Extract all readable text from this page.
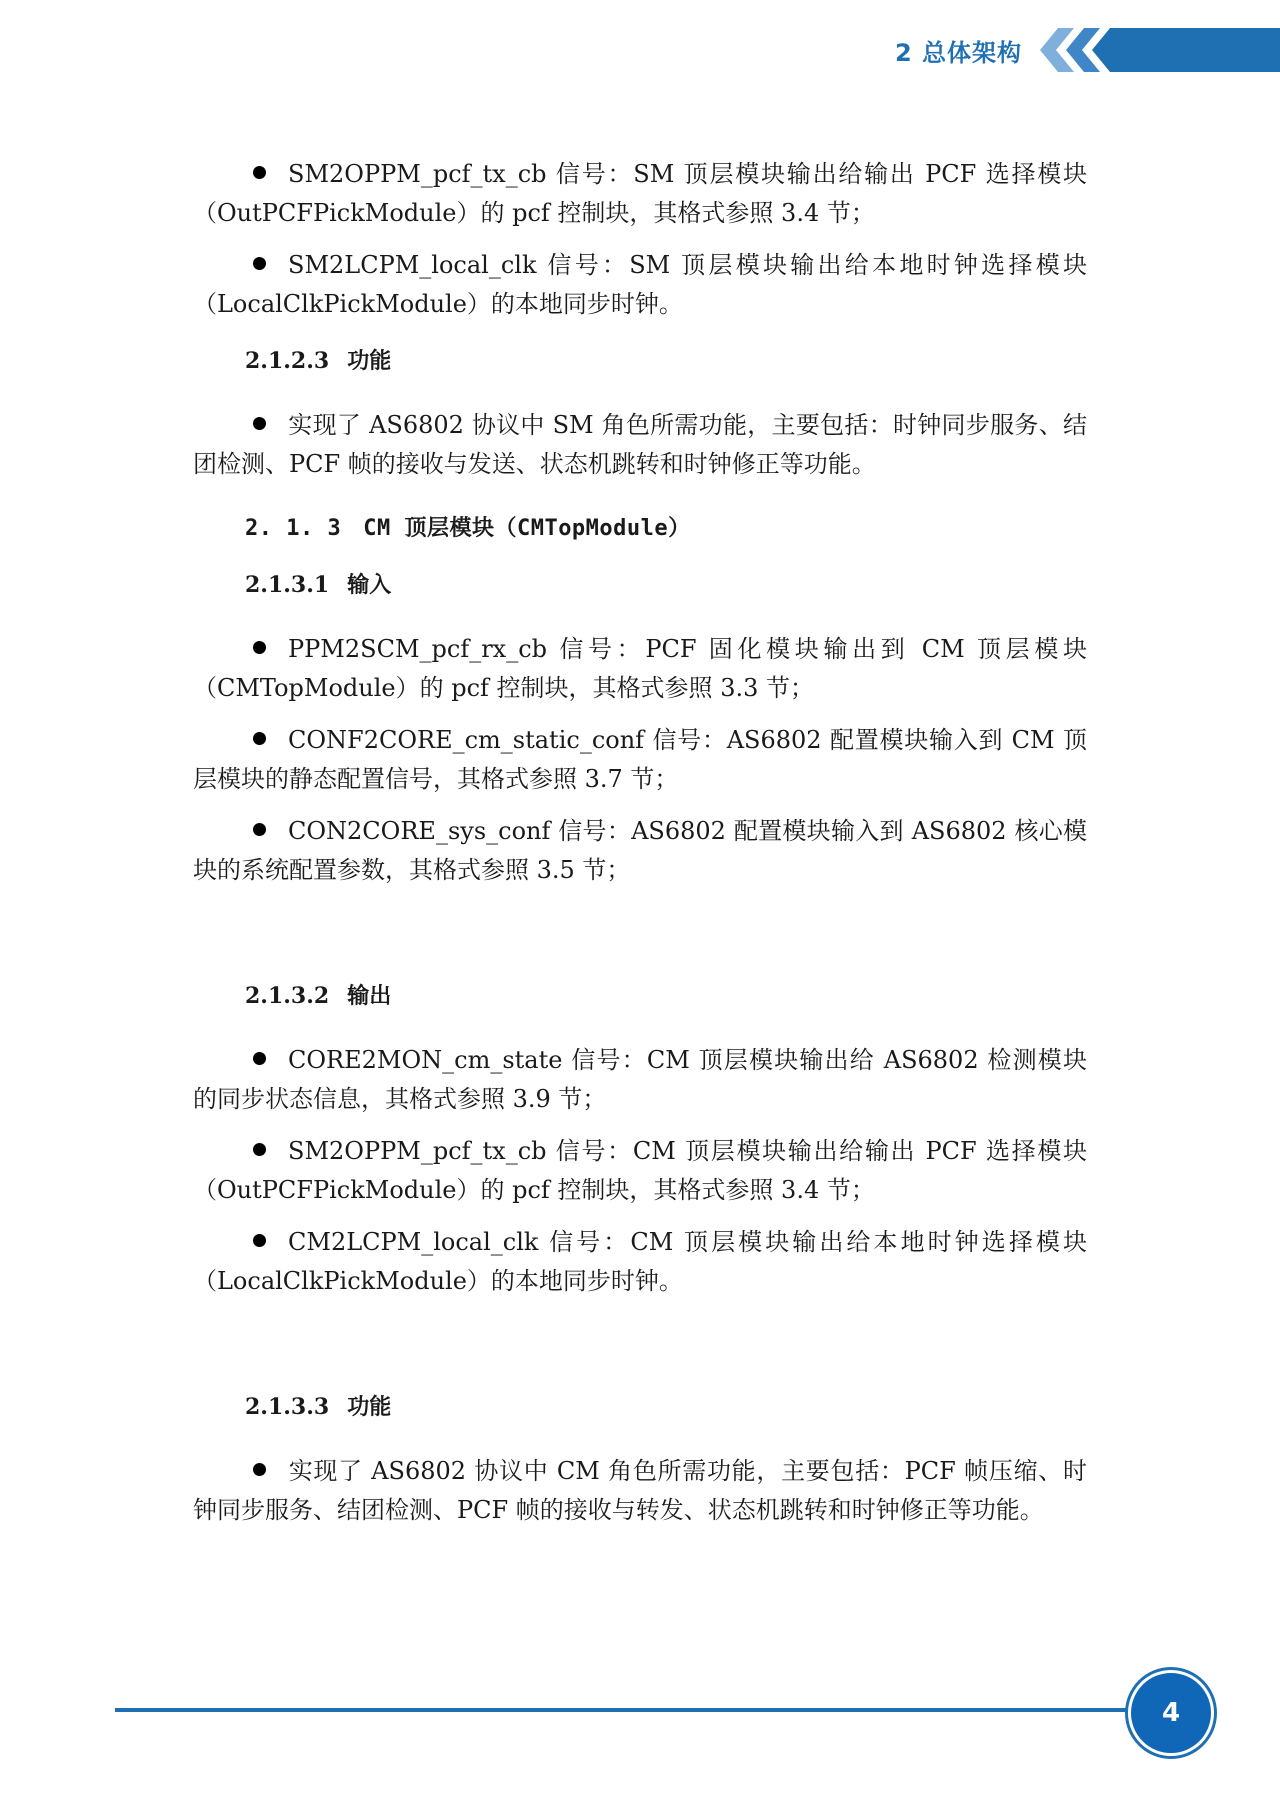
2 总体架构

SM2OPPM_pcf_tx_cb 信号：SM 顶层模块输出给输出 PCF 选择模块（OutPCFPickModule）的 pcf 控制块，其格式参照 3.4 节；

SM2LCPM_local_clk 信号：SM 顶层模块输出给本地时钟选择模块（LocalClkPickModule）的本地同步时钟。

2.1.2.3 功能

实现了 AS6802 协议中 SM 角色所需功能，主要包括：时钟同步服务、结团检测、PCF 帧的接收与发送、状态机跳转和时钟修正等功能。

2. 1. 3 CM 顶层模块（CMTopModule）
2.1.3.1 输入

PPM2SCM_pcf_rx_cb 信号：PCF 固化模块输出到 CM 顶层模块（CMTopModule）的 pcf 控制块，其格式参照 3.3 节；

CONF2CORE_cm_static_conf 信号：AS6802 配置模块输入到 CM 顶层模块的静态配置信号，其格式参照 3.7 节；

CON2CORE_sys_conf 信号：AS6802 配置模块输入到 AS6802 核心模块的系统配置参数，其格式参照 3.5 节；

2.1.3.2 输出

CORE2MON_cm_state 信号：CM 顶层模块输出给 AS6802 检测模块的同步状态信息，其格式参照 3.9 节；

SM2OPPM_pcf_tx_cb 信号：CM 顶层模块输出给输出 PCF 选择模块（OutPCFPickModule）的 pcf 控制块，其格式参照 3.4 节；

CM2LCPM_local_clk 信号：CM 顶层模块输出给本地时钟选择模块（LocalClkPickModule）的本地同步时钟。

2.1.3.3 功能

实现了 AS6802 协议中 CM 角色所需功能，主要包括：PCF 帧压缩、时钟同步服务、结团检测、PCF 帧的接收与转发、状态机跳转和时钟修正等功能。

4
